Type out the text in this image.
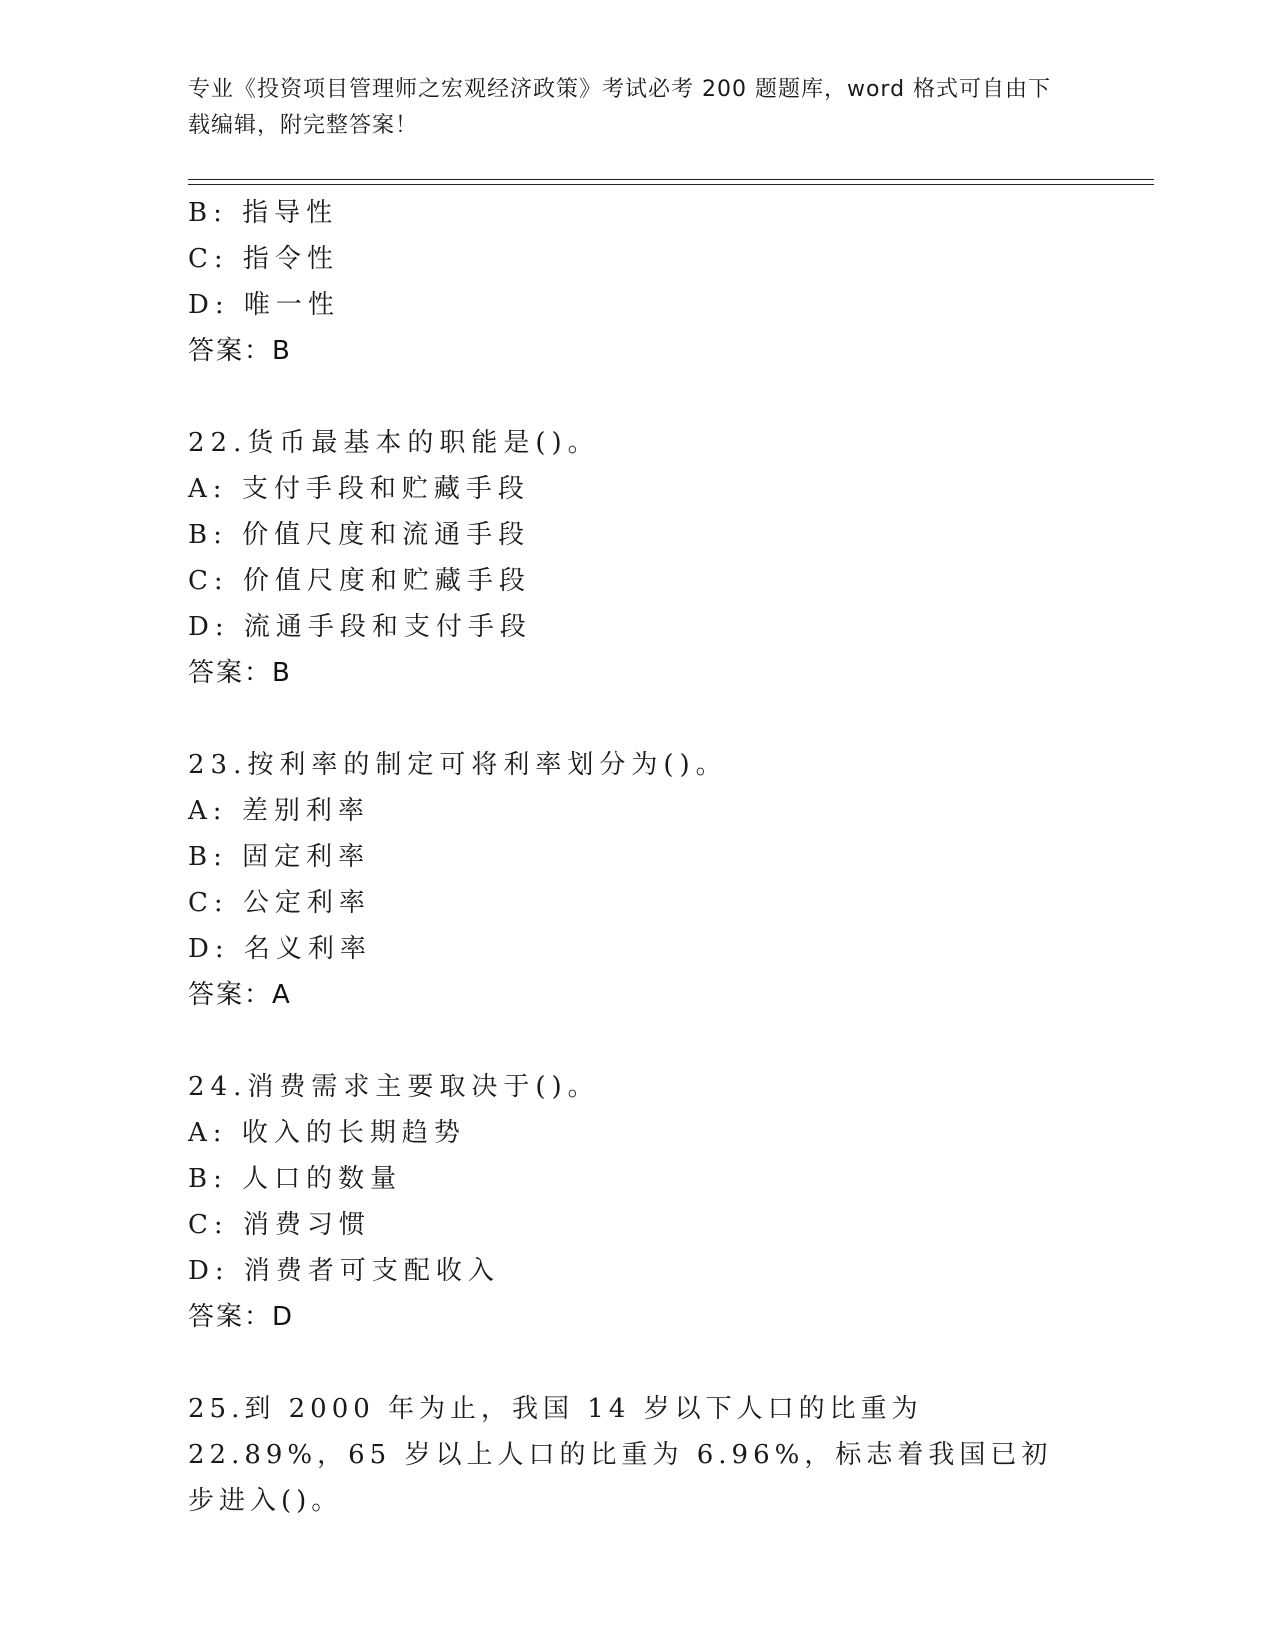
专业《投资项目管理师之宏观经济政策》考试必考 200 题题库，word 格式可自由下载编辑，附完整答案！
B: 指导性
C: 指令性
D: 唯一性
答案：B
22.货币最基本的职能是()。
A: 支付手段和贮藏手段
B: 价值尺度和流通手段
C: 价值尺度和贮藏手段
D: 流通手段和支付手段
答案：B
23.按利率的制定可将利率划分为()。
A: 差别利率
B: 固定利率
C: 公定利率
D: 名义利率
答案：A
24.消费需求主要取决于()。
A: 收入的长期趋势
B: 人口的数量
C: 消费习惯
D: 消费者可支配收入
答案：D
25.到 2000 年为止，我国 14 岁以下人口的比重为 22.89%，65 岁以上人口的比重为 6.96%，标志着我国已初步进入()。
